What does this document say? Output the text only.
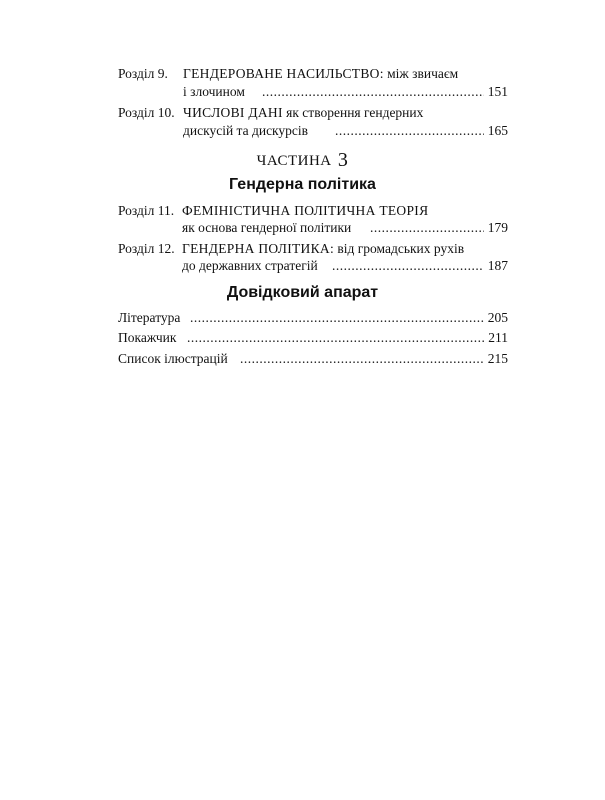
Розділ 9. ГЕНДЕРОВАНЕ НАСИЛЬСТВО: між звичаєм
і злочином .....	151
Розділ 10. ЧИСЛОВІ ДАНІ як створення гендерних
дискусій та дискурсів .....	165
ЧАСТИНА 3
Гендерна політика
Розділ 11. ФЕМІНІСТИЧНА ПОЛІТИЧНА ТЕОРІЯ
як основа гендерної політики .....	179
Розділ 12. ГЕНДЕРНА ПОЛІТИКА: від громадських рухів
до державних стратегій .....	187
Довідковий апарат
Література .....	205
Покажчик .....	211
Список ілюстрацій .....	215
